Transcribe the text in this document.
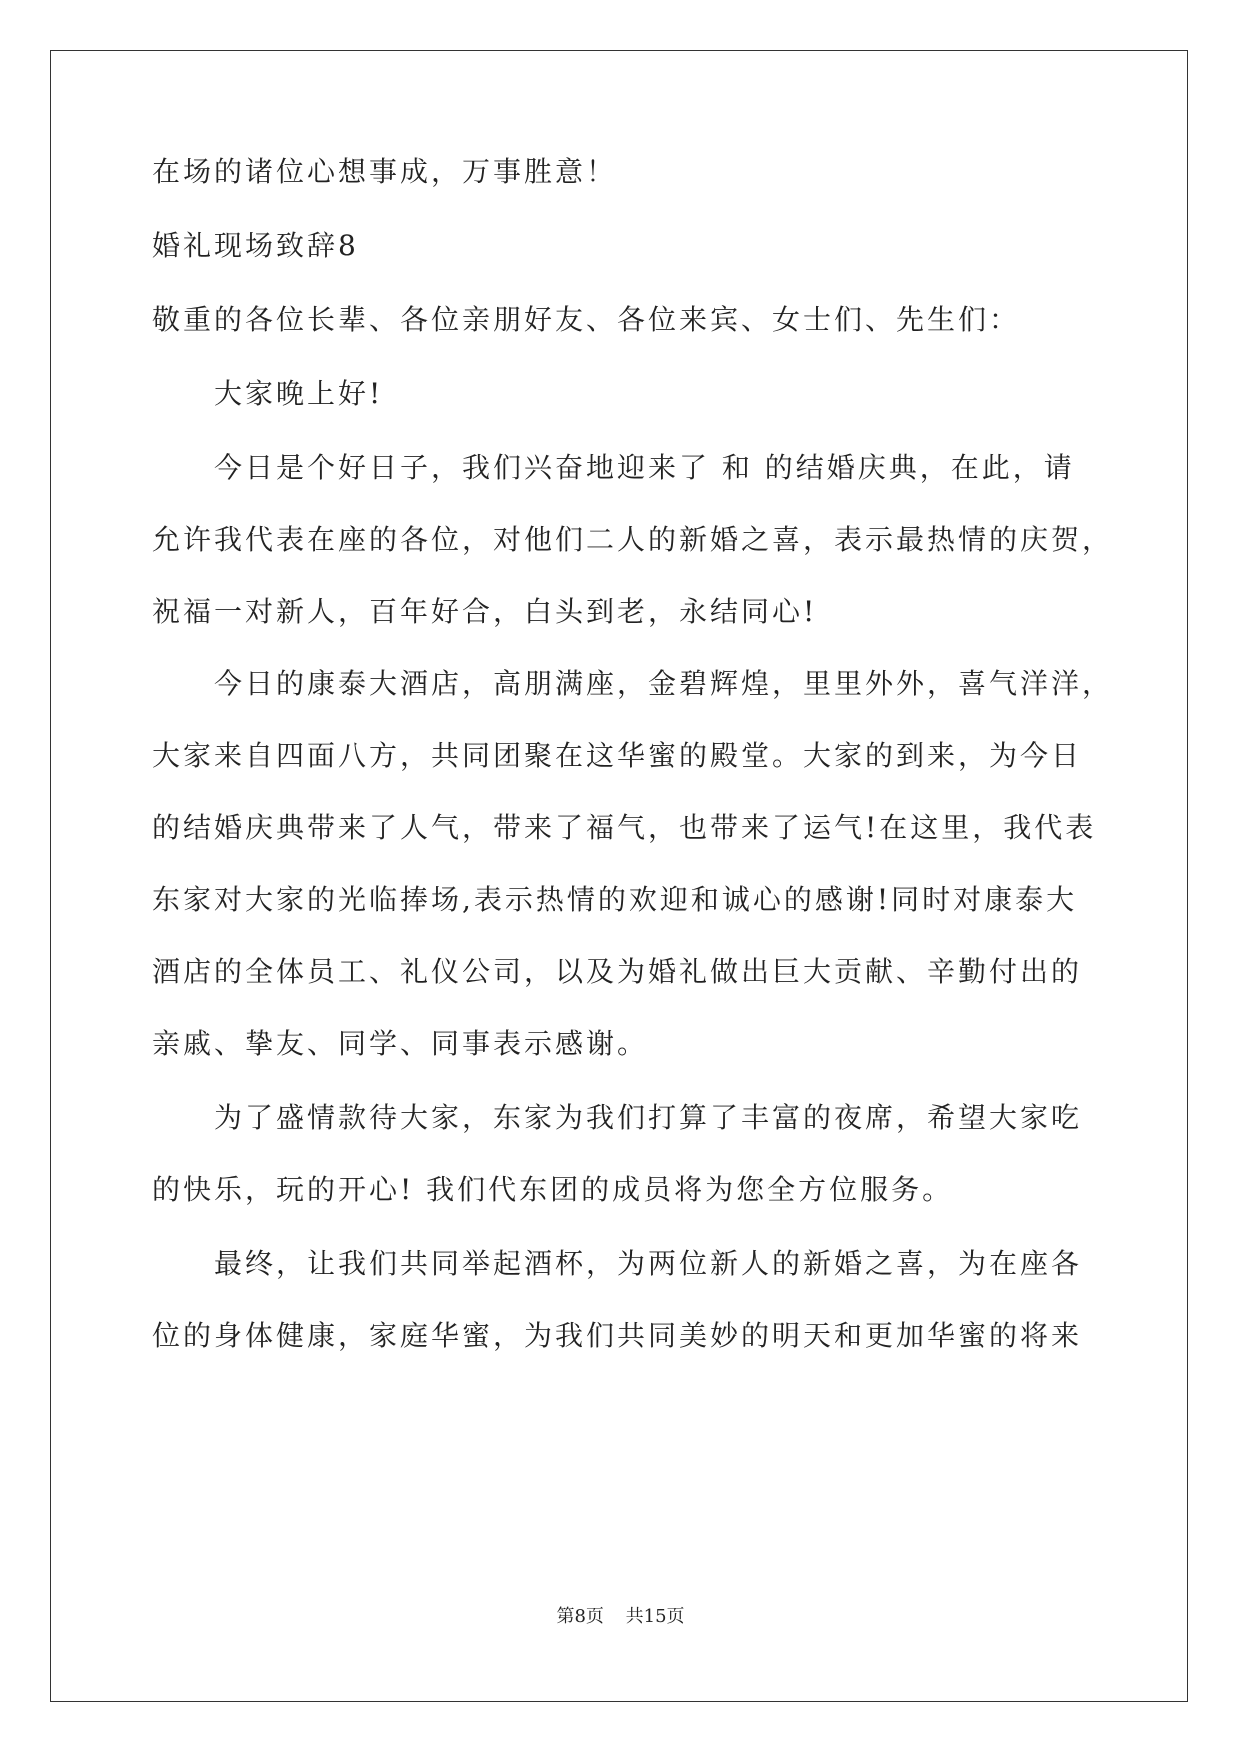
在场的诸位心想事成，万事胜意！
婚礼现场致辞8
敬重的各位长辈、各位亲朋好友、各位来宾、女士们、先生们：
大家晚上好!
今日是个好日子，我们兴奋地迎来了 和 的结婚庆典，在此，请
允许我代表在座的各位，对他们二人的新婚之喜，表示最热情的庆贺，
祝福一对新人，百年好合，白头到老，永结同心!
今日的康泰大酒店，高朋满座，金碧辉煌，里里外外，喜气洋洋，
大家来自四面八方，共同团聚在这华蜜的殿堂。大家的到来，为今日
的结婚庆典带来了人气，带来了福气，也带来了运气!在这里，我代表
东家对大家的光临捧场,表示热情的欢迎和诚心的感谢!同时对康泰大
酒店的全体员工、礼仪公司，以及为婚礼做出巨大贡献、辛勤付出的
亲戚、挚友、同学、同事表示感谢。
为了盛情款待大家，东家为我们打算了丰富的夜席，希望大家吃
的快乐，玩的开心! 我们代东团的成员将为您全方位服务。
最终，让我们共同举起酒杯，为两位新人的新婚之喜，为在座各
位的身体健康，家庭华蜜，为我们共同美妙的明天和更加华蜜的将来
第8页 共15页
